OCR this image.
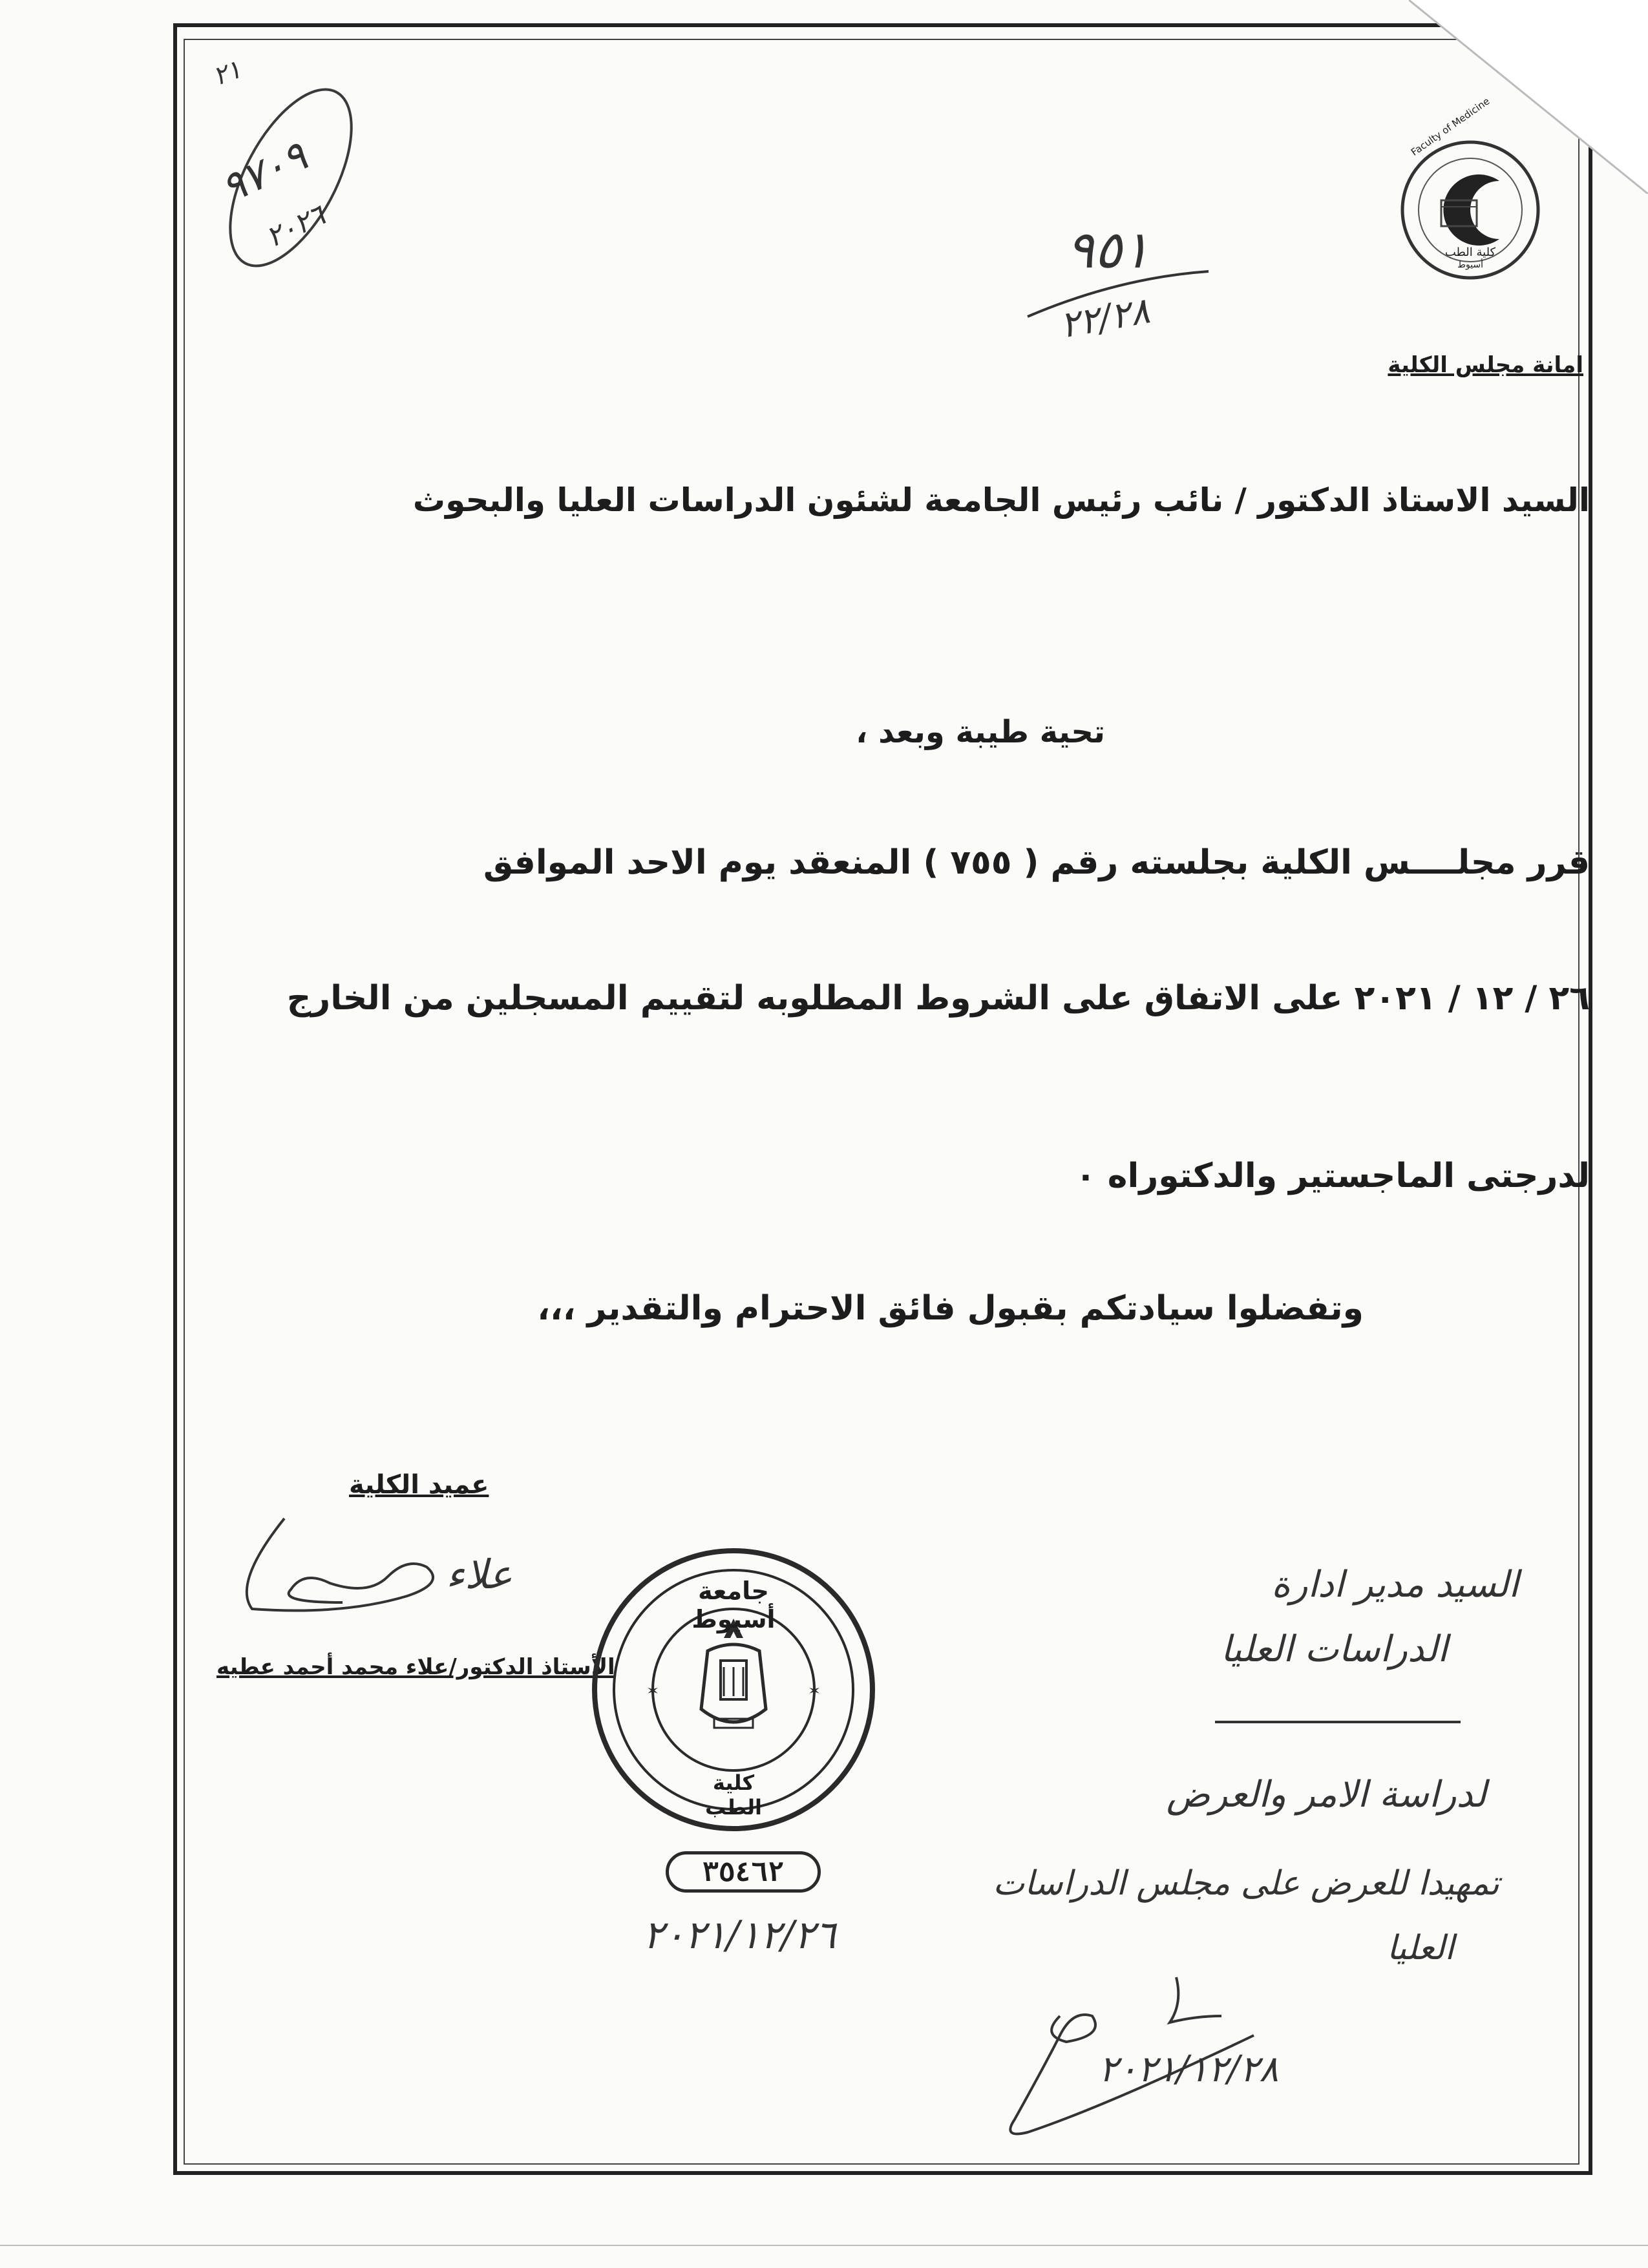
كلية الطب
Faculty of Medicine
أسيوط
امانة مجلس الكلية
٩٧٠٩
٢٠٢٦
٢١
٩٥١
٢٢/٢٨
السيد الاستاذ الدكتور / نائب رئيس الجامعة لشئون الدراسات العليا والبحوث
تحية طيبة وبعد ،
قرر مجلــــس الكلية بجلسته رقم ( ٧٥٥ ) المنعقد يوم الاحد الموافق
٢٦ / ١٢ / ٢٠٢١ على الاتفاق على الشروط المطلوبه لتقييم المسجلين من الخارج
لدرجتى الماجستير والدكتوراه ٠
وتفضلوا سيادتكم بقبول فائق الاحترام والتقدير ،،،
عميد الكلية
علاء
الأستاذ الدكتور/علاء محمد أحمد عطيه
✶	✶
جامعة أسيوط
كلية الطب
٣٥٤٦٢
٢٠٢١/١٢/٢٦
السيد مدير ادارة
الدراسات العليا
لدراسة الامر والعرض
تمهيدا للعرض على مجلس الدراسات
العليا
٢٠٢١/١٢/٢٨
